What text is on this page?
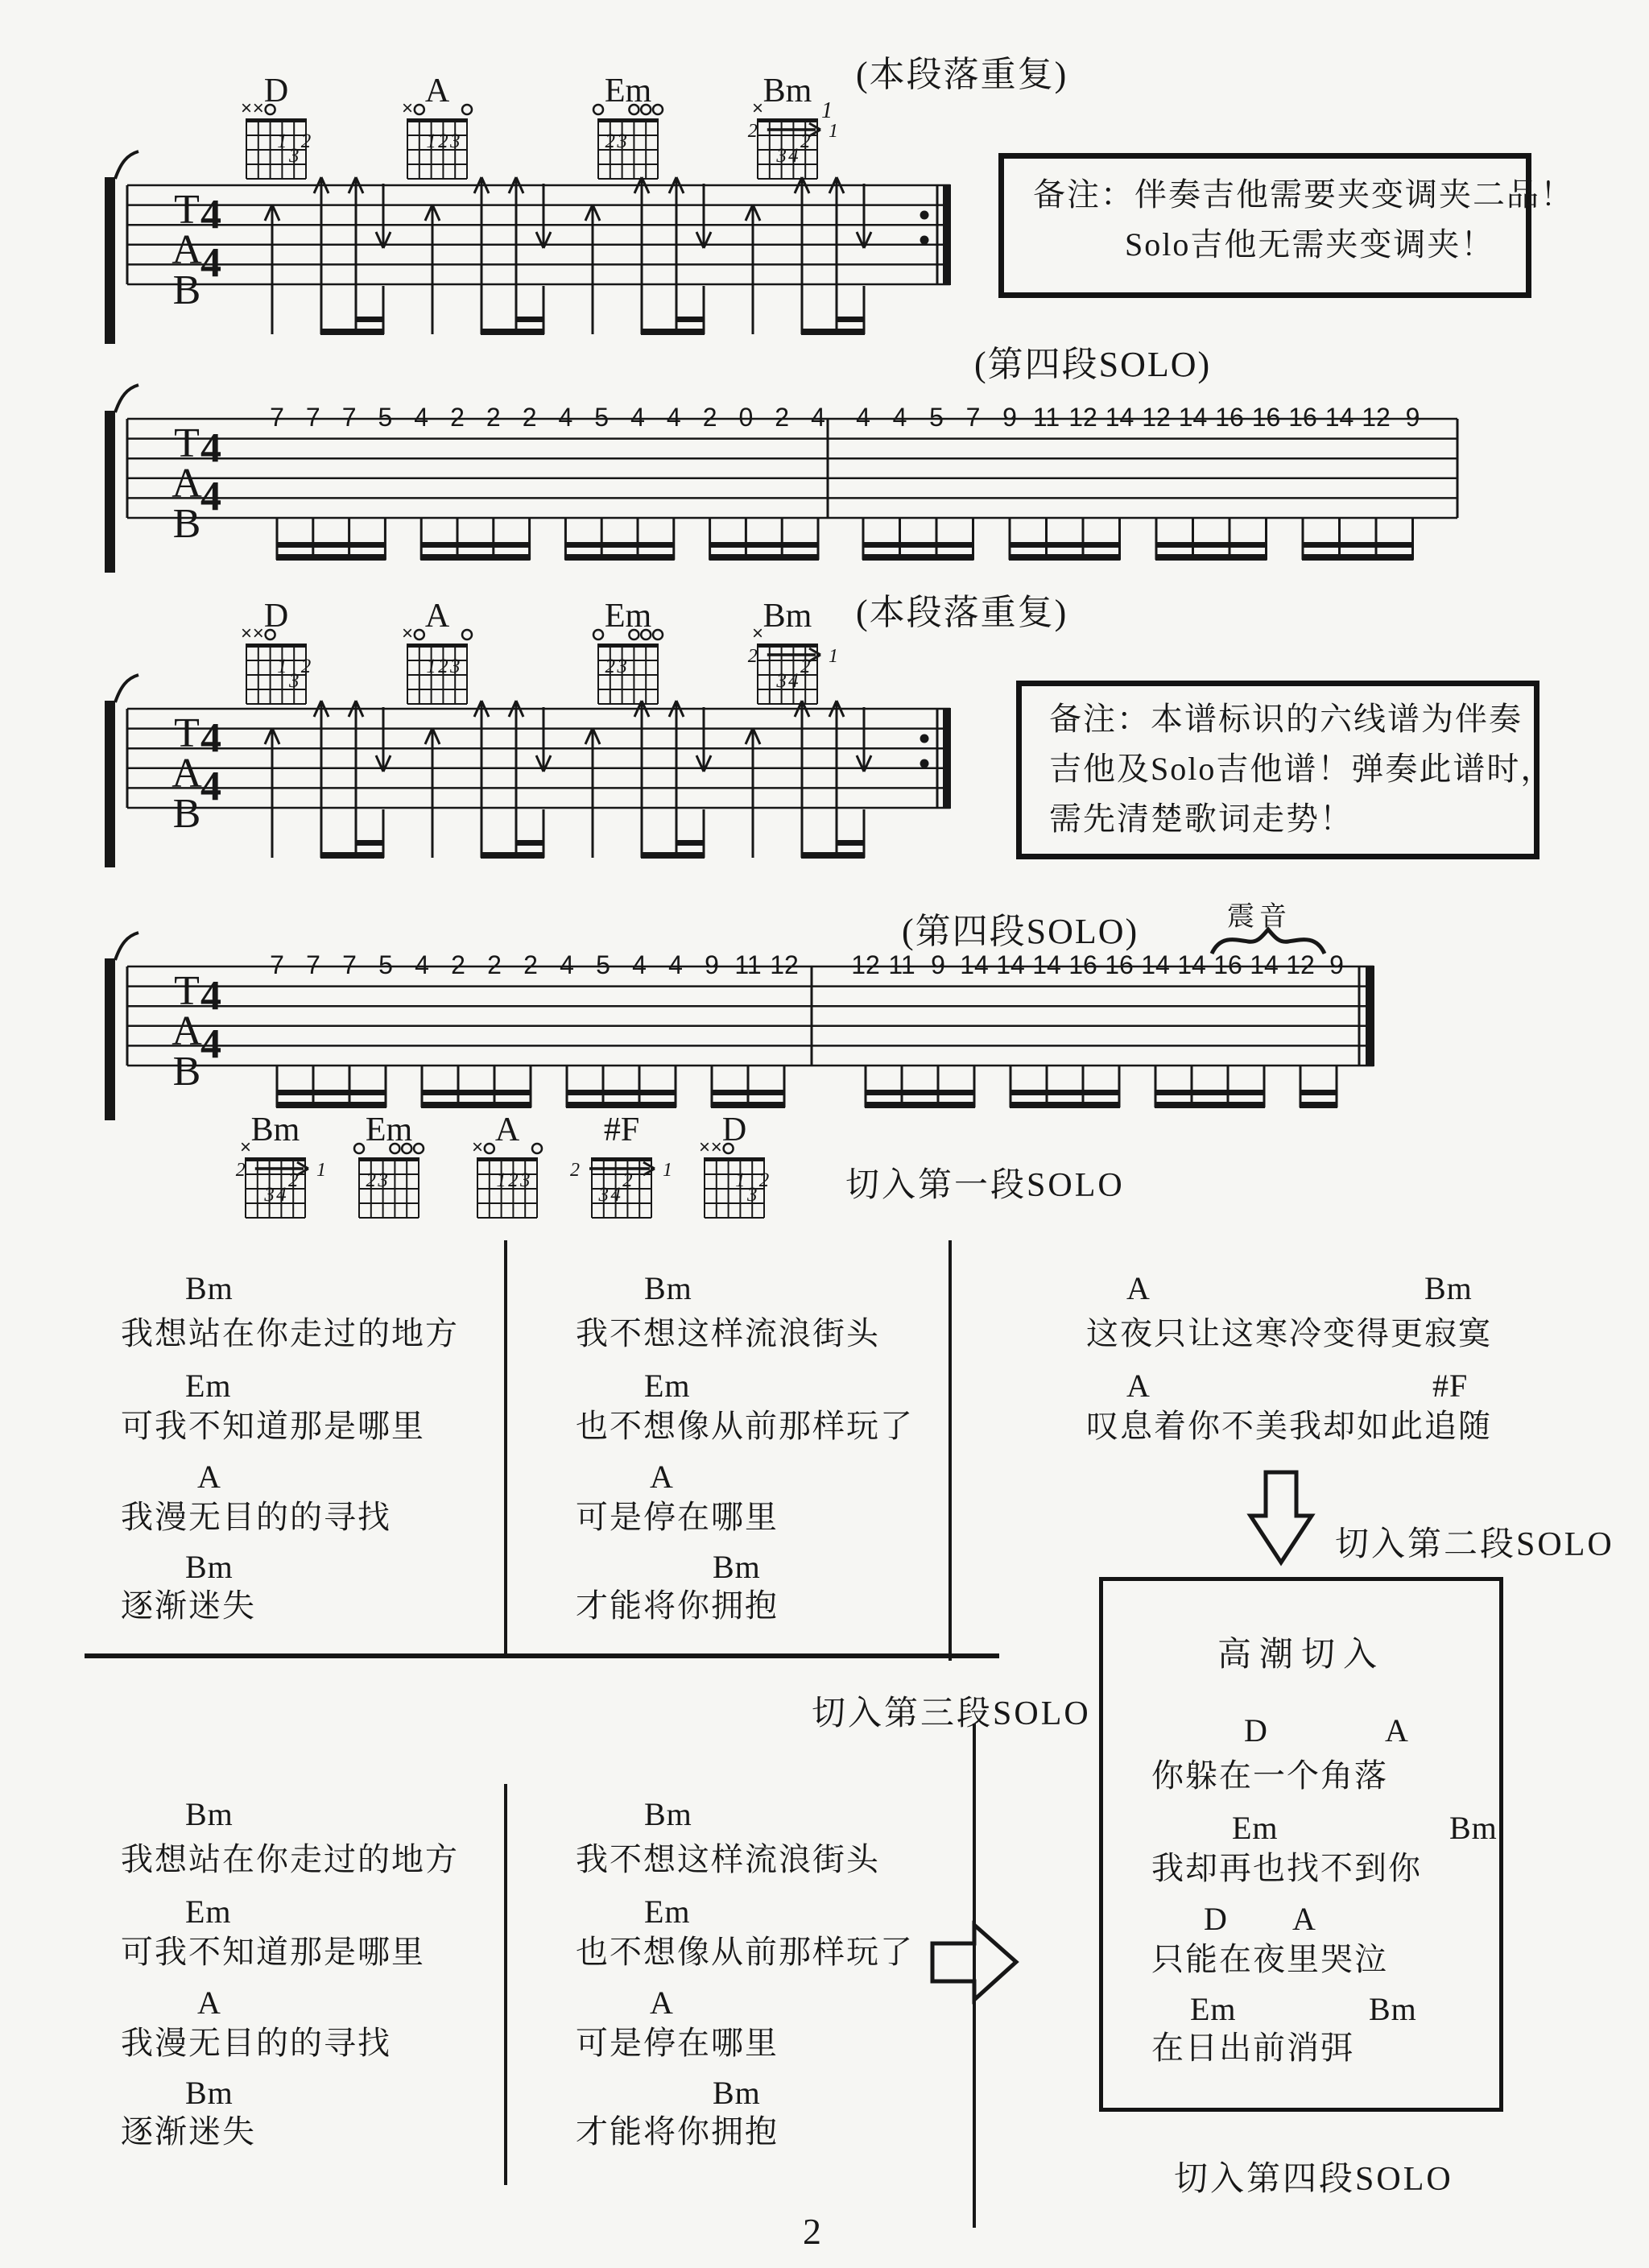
T
A
B
4
4
T
A
B
4
4
7 7 7 5 4 2 2 2 4 5 4 4 2 0 2 4 4 4 5 7 9 11 12 14 12 14 16 16 16 14 12 9
T
A
B
4
4
T
A
B
4
4
7 7 7 5 4 2 2 2 4 5 4 4 9 11 12 12 11 9 14 14 14 16 16 14 14 16 14 12 9
D
× ×
1 2
3
A
×
1 2 3
Em
2 3
Bm
×
2	1
2
3 4
D
× ×
1 2
3
A
×
1 2 3
Em
2 3
Bm
×
2	1
2
3 4
Bm
×
2	1
2
3 4
Em
2 3
A
×
1 2 3
#F
2	1
2
3 4
D
× ×
1 2
3
(本段落重复)
(本段落重复)
(第四段SOLO)
(第四段SOLO)	震音
1
备注：伴奏吉他需要夹变调夹二品！
Solo吉他无需夹变调夹！
备注：本谱标识的六线谱为伴奏
吉他及Solo吉他谱！弹奏此谱时，
需先清楚歌词走势！
切入第一段SOLO
切入第二段SOLO
切入第三段SOLO
切入第四段SOLO
Bm
我想站在你走过的地方
Em
可我不知道那是哪里
A
我漫无目的的寻找
Bm
逐渐迷失
Bm
我不想这样流浪街头
Em
也不想像从前那样玩了
A
可是停在哪里
Bm
才能将你拥抱
A	Bm
这夜只让这寒冷变得更寂寞
A	#F
叹息着你不美我却如此追随
Bm
我想站在你走过的地方
Em
可我不知道那是哪里
A
我漫无目的的寻找
Bm
逐渐迷失
Bm
我不想这样流浪街头
Em
也不想像从前那样玩了
A
可是停在哪里
Bm
才能将你拥抱
高潮切入
D	A
你躲在一个角落
Em	Bm
我却再也找不到你
D A
只能在夜里哭泣
Em	Bm
在日出前消弭
2
